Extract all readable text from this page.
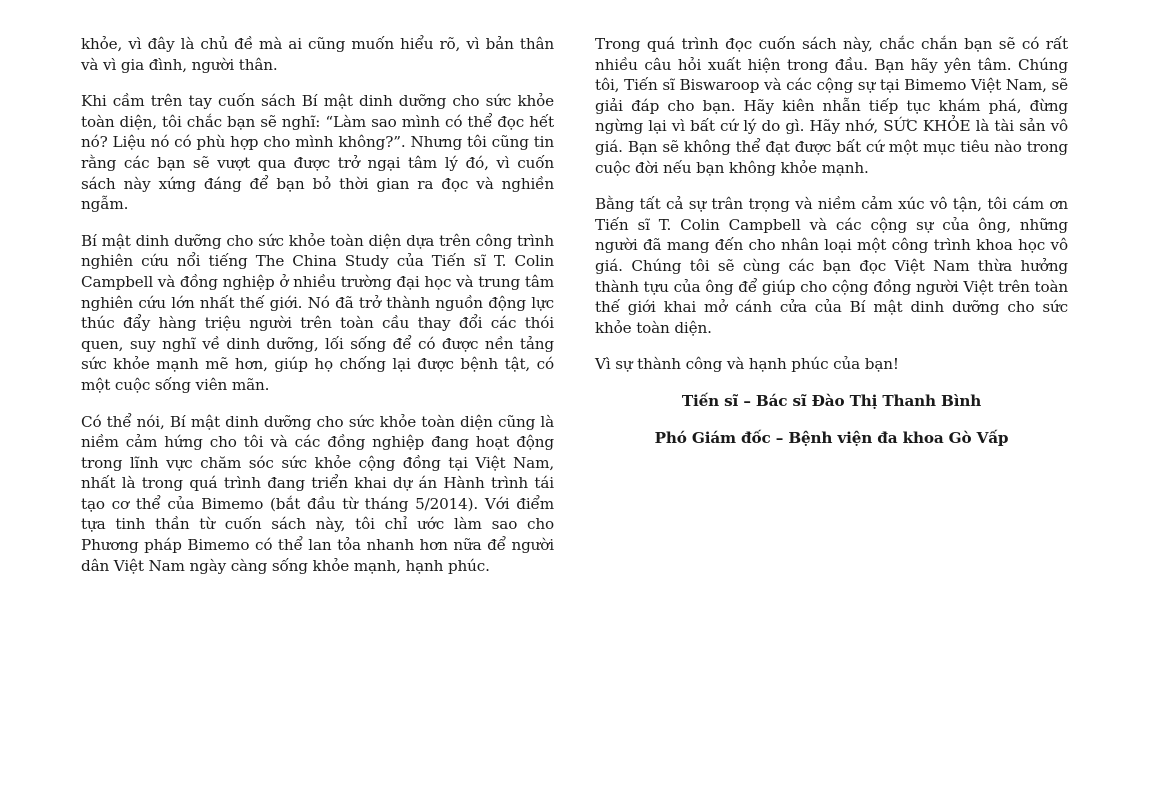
khỏe, vì đây là chủ đề mà ai cũng muốn hiểu rõ, vì bản thân và vì gia đình, người thân.

Khi cầm trên tay cuốn sách Bí mật dinh dưỡng cho sức khỏe toàn diện, tôi chắc bạn sẽ nghĩ: “Làm sao mình có thể đọc hết nó? Liệu nó có phù hợp cho mình không?”. Nhưng tôi cũng tin rằng các bạn sẽ vượt qua được trở ngại tâm lý đó, vì cuốn sách này xứng đáng để bạn bỏ thời gian ra đọc và nghiền ngẫm.

Bí mật dinh dưỡng cho sức khỏe toàn diện dựa trên công trình nghiên cứu nổi tiếng The China Study của Tiến sĩ T. Colin Campbell và đồng nghiệp ở nhiều trường đại học và trung tâm nghiên cứu lớn nhất thế giới. Nó đã trở thành nguồn động lực thúc đẩy hàng triệu người trên toàn cầu thay đổi các thói quen, suy nghĩ về dinh dưỡng, lối sống để có được nền tảng sức khỏe mạnh mẽ hơn, giúp họ chống lại được bệnh tật, có một cuộc sống viên mãn.

Có thể nói, Bí mật dinh dưỡng cho sức khỏe toàn diện cũng là niềm cảm hứng cho tôi và các đồng nghiệp đang hoạt động trong lĩnh vực chăm sóc sức khỏe cộng đồng tại Việt Nam, nhất là trong quá trình đang triển khai dự án Hành trình tái tạo cơ thể của Bimemo (bắt đầu từ tháng 5/2014). Với điểm tựa tinh thần từ cuốn sách này, tôi chỉ ước làm sao cho Phương pháp Bimemo có thể lan tỏa nhanh hơn nữa để người dân Việt Nam ngày càng sống khỏe mạnh, hạnh phúc.

Trong quá trình đọc cuốn sách này, chắc chắn bạn sẽ có rất nhiều câu hỏi xuất hiện trong đầu. Bạn hãy yên tâm. Chúng tôi, Tiến sĩ Biswaroop và các cộng sự tại Bimemo Việt Nam, sẽ giải đáp cho bạn. Hãy kiên nhẫn tiếp tục khám phá, đừng ngừng lại vì bất cứ lý do gì. Hãy nhớ, SỨC KHỎE là tài sản vô giá. Bạn sẽ không thể đạt được bất cứ một mục tiêu nào trong cuộc đời nếu bạn không khỏe mạnh.

Bằng tất cả sự trân trọng và niềm cảm xúc vô tận, tôi cám ơn Tiến sĩ T. Colin Campbell và các cộng sự của ông, những người đã mang đến cho nhân loại một công trình khoa học vô giá. Chúng tôi sẽ cùng các bạn đọc Việt Nam thừa hưởng thành tựu của ông để giúp cho cộng đồng người Việt trên toàn thế giới khai mở cánh cửa của Bí mật dinh dưỡng cho sức khỏe toàn diện.

Vì sự thành công và hạnh phúc của bạn!

Tiến sĩ – Bác sĩ Đào Thị Thanh Bình

Phó Giám đốc – Bệnh viện đa khoa Gò Vấp
